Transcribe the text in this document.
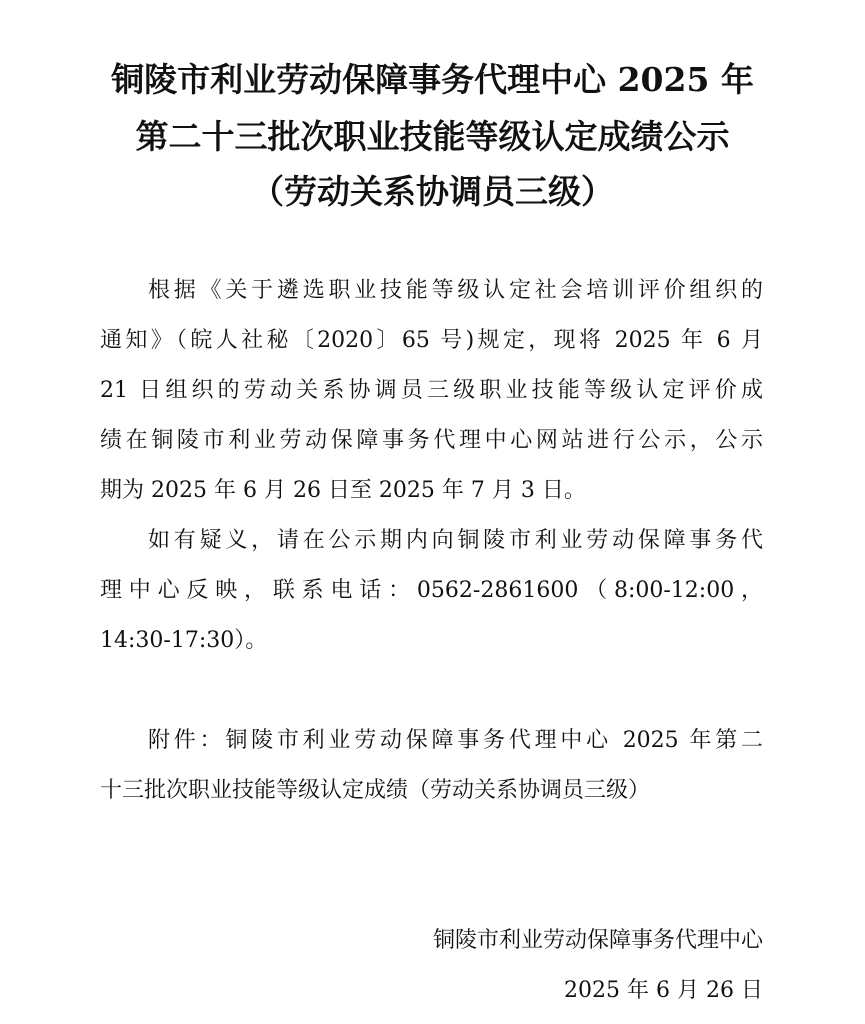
铜陵市利业劳动保障事务代理中心 2025 年
第二十三批次职业技能等级认定成绩公示
（劳动关系协调员三级）
根据《关于遴选职业技能等级认定社会培训评价组织的
通知》（皖人社秘〔2020〕65 号)规定，现将 2025 年 6 月
21 日组织的劳动关系协调员三级职业技能等级认定评价成
绩在铜陵市利业劳动保障事务代理中心网站进行公示，公示
期为 2025 年 6 月 26 日至 2025 年 7 月 3 日。
如有疑义，请在公示期内向铜陵市利业劳动保障事务代
理中心反映，联系电话：0562-2861600（8:00-12:00，
14:30-17:30）。
附件：铜陵市利业劳动保障事务代理中心 2025 年第二
十三批次职业技能等级认定成绩（劳动关系协调员三级）
铜陵市利业劳动保障事务代理中心
2025 年 6 月 26 日
